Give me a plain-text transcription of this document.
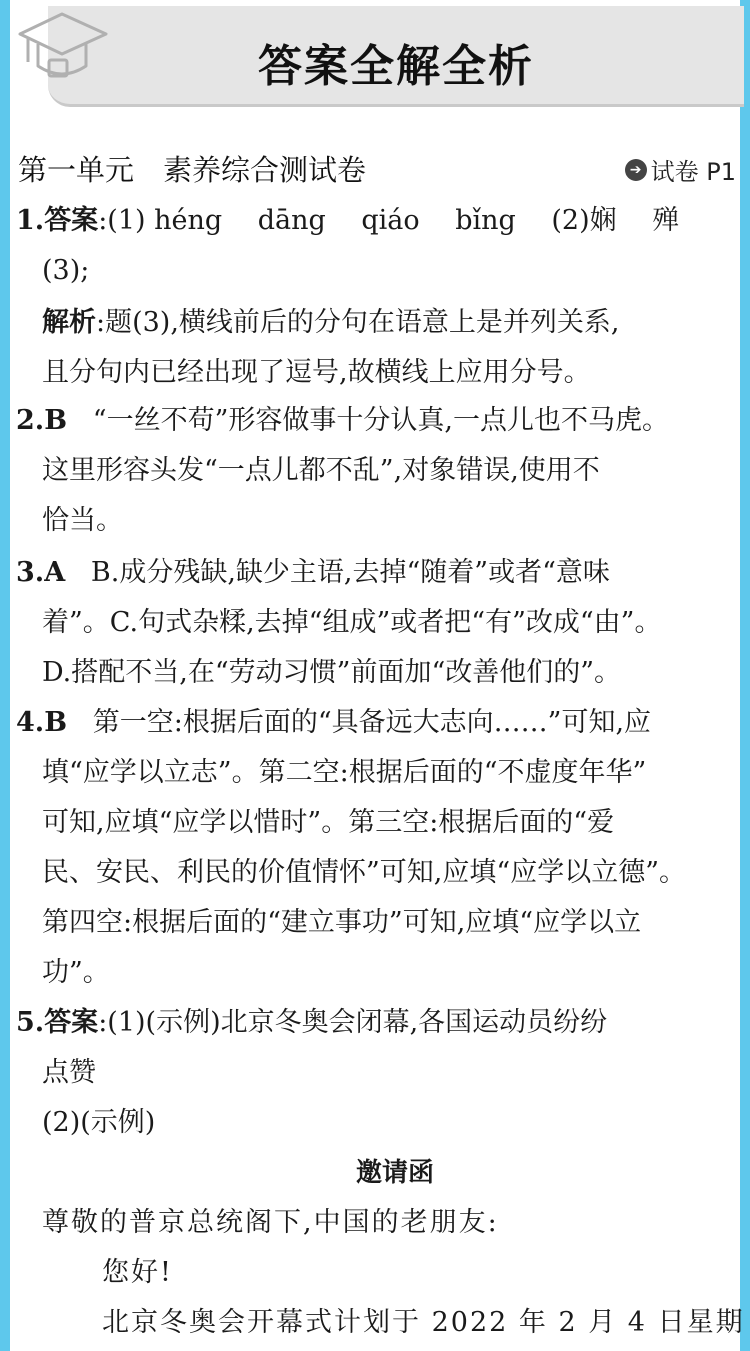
答案全解全析
第一单元　素养综合测试卷	➔ 试卷 P1
1.答案:(1) héng　 dāng　 qiáo　 bǐng　 (2)娴　 殚
(3);
解析:题(3),横线前后的分句在语意上是并列关系,
且分句内已经出现了逗号,故横线上应用分号。
2.B “一丝不苟”形容做事十分认真,一点儿也不马虎。
这里形容头发“一点儿都不乱”,对象错误,使用不
恰当。
3.A B.成分残缺,缺少主语,去掉“随着”或者“意味
着”。C.句式杂糅,去掉“组成”或者把“有”改成“由”。
D.搭配不当,在“劳动习惯”前面加“改善他们的”。
4.B 第一空:根据后面的“具备远大志向……”可知,应
填“应学以立志”。第二空:根据后面的“不虚度年华”
可知,应填“应学以惜时”。第三空:根据后面的“爱
民、安民、利民的价值情怀”可知,应填“应学以立德”。
第四空:根据后面的“建立事功”可知,应填“应学以立
功”。
5.答案:(1)(示例)北京冬奥会闭幕,各国运动员纷纷
点赞
(2)(示例)
邀请函
尊敬的普京总统阁下,中国的老朋友:
您好!
北京冬奥会开幕式计划于 2022 年 2 月 4 日星期
